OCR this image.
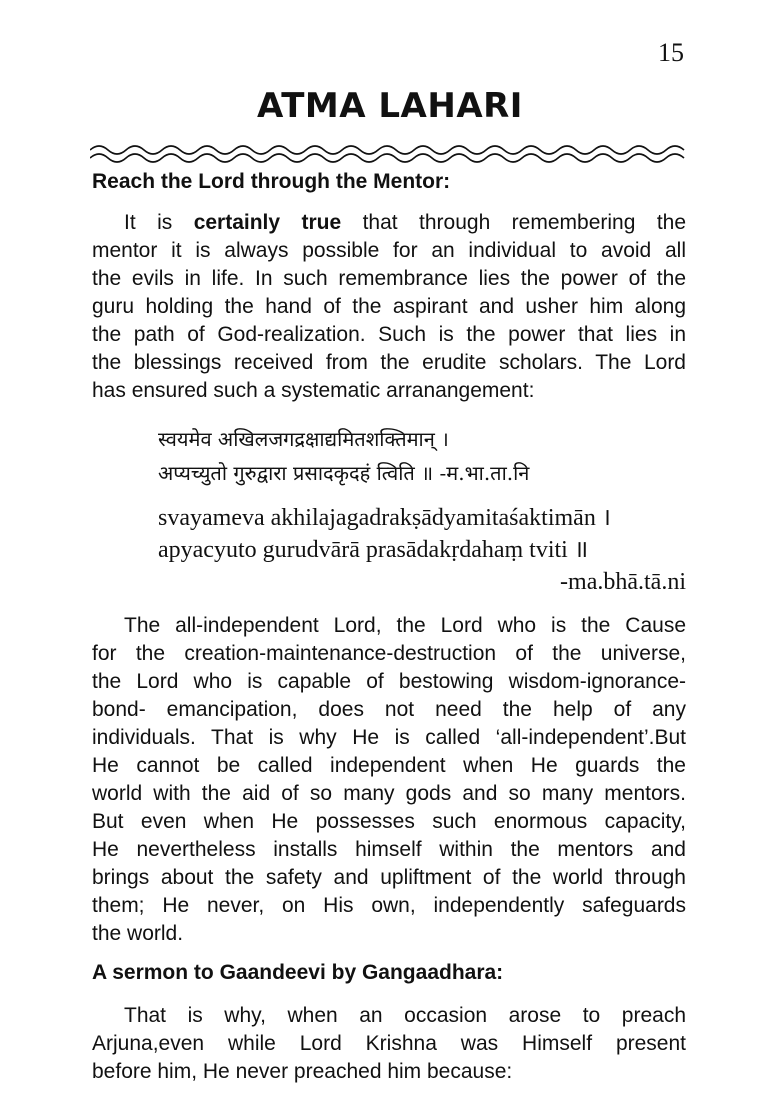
15
ATMA LAHARI
Reach the Lord through the Mentor:
It is certainly true that through remembering the
mentor it is always possible for an individual to avoid all
the evils in life. In such remembrance lies the power of the
guru holding the hand of the aspirant and usher him along
the path of God-realization. Such is the power that lies in
the blessings received from the erudite scholars. The Lord
has ensured such a systematic arranangement:
स्वयमेव अखिलजगद्रक्षाद्यमितशक्तिमान् ।
अप्यच्युतो गुरुद्वारा प्रसादकृदहं त्विति ॥ -म.भा.ता.नि
svayameva akhilajagadrakṣādyamitaśaktimān ।
apyacyuto gurudvārā prasādakṛdahaṃ tviti ॥
-ma.bhā.tā.ni
The all-independent Lord, the Lord who is the Cause
for the creation-maintenance-destruction of the universe,
the Lord who is capable of bestowing wisdom-ignorance-
bond- emancipation, does not need the help of any
individuals. That is why He is called ‘all-independent’.But
He cannot be called independent when He guards the
world with the aid of so many gods and so many mentors.
But even when He possesses such enormous capacity,
He nevertheless installs himself within the mentors and
brings about the safety and upliftment of the world through
them; He never, on His own, independently safeguards
the world.
A sermon to Gaandeevi by Gangaadhara:
That is why, when an occasion arose to preach
Arjuna,even while Lord Krishna was Himself present
before him, He never preached him because:
